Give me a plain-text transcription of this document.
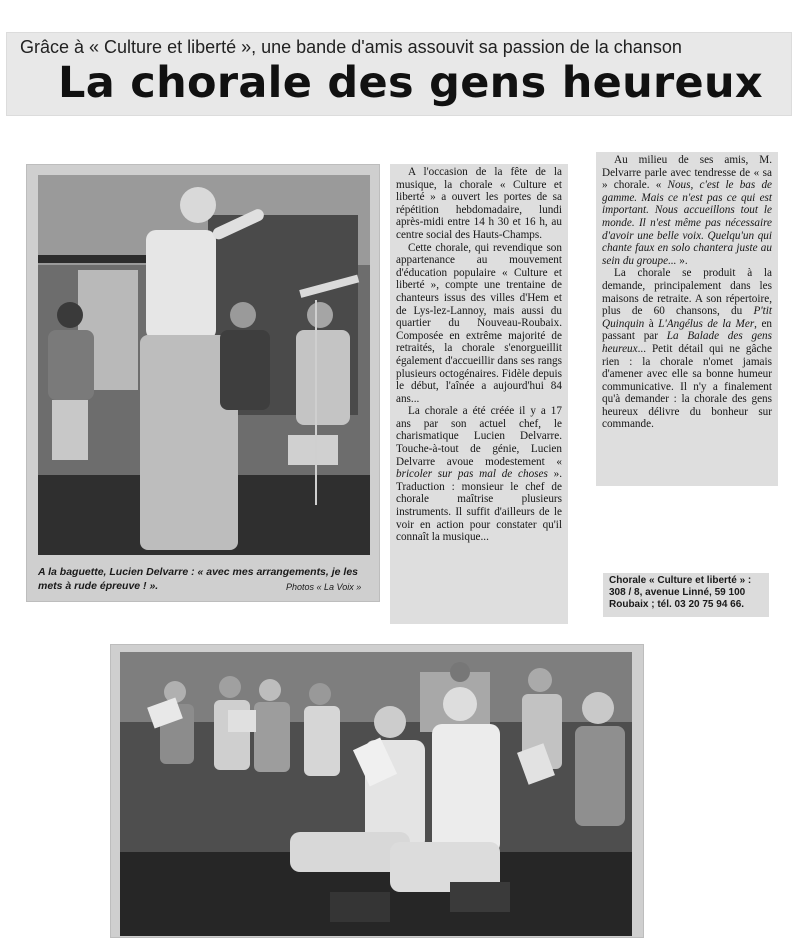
Grâce à « Culture et liberté », une bande d'amis assouvit sa passion de la chanson
La chorale des gens heureux
A la baguette, Lucien Delvarre : « avec mes arrangements, je les mets à rude épreuve ! ».	Photos « La Voix »

A l'occasion de la fête de la musique, la chorale « Culture et liberté » a ouvert les portes de sa répétition hebdomadaire, lundi après-midi entre 14 h 30 et 16 h, au centre social des Hauts-Champs.

Cette chorale, qui revendique son appartenance au mouvement d'éducation populaire « Culture et liberté », compte une trentaine de chanteurs issus des villes d'Hem et de Lys-lez-Lannoy, mais aussi du quartier du Nouveau-Roubaix. Composée en extrême majorité de retraités, la chorale s'enorgueillit également d'accueillir dans ses rangs plusieurs octogénaires. Fidèle depuis le début, l'aînée a aujourd'hui 84 ans...

La chorale a été créée il y a 17 ans par son actuel chef, le charismatique Lucien Delvarre. Touche-à-tout de génie, Lucien Delvarre avoue modestement « bricoler sur pas mal de choses ». Traduction : monsieur le chef de chorale maîtrise plusieurs instruments. Il suffit d'ailleurs de le voir en action pour constater qu'il connaît la musique...

Au milieu de ses amis, M. Delvarre parle avec tendresse de « sa » chorale. « Nous, c'est le bas de gamme. Mais ce n'est pas ce qui est important. Nous accueillons tout le monde. Il n'est même pas nécessaire d'avoir une belle voix. Quelqu'un qui chante faux en solo chantera juste au sein du groupe... ».

La chorale se produit à la demande, principalement dans les maisons de retraite. A son répertoire, plus de 60 chansons, du P'tit Quinquin à L'Angélus de la Mer, en passant par La Balade des gens heureux... Petit détail qui ne gâche rien : la chorale n'omet jamais d'amener avec elle sa bonne humeur communicative. Il n'y a finalement qu'à demander : la chorale des gens heureux délivre du bonheur sur commande.

Chorale « Culture et liberté » : 308 / 8, avenue Linné, 59 100 Roubaix ; tél. 03 20 75 94 66.
